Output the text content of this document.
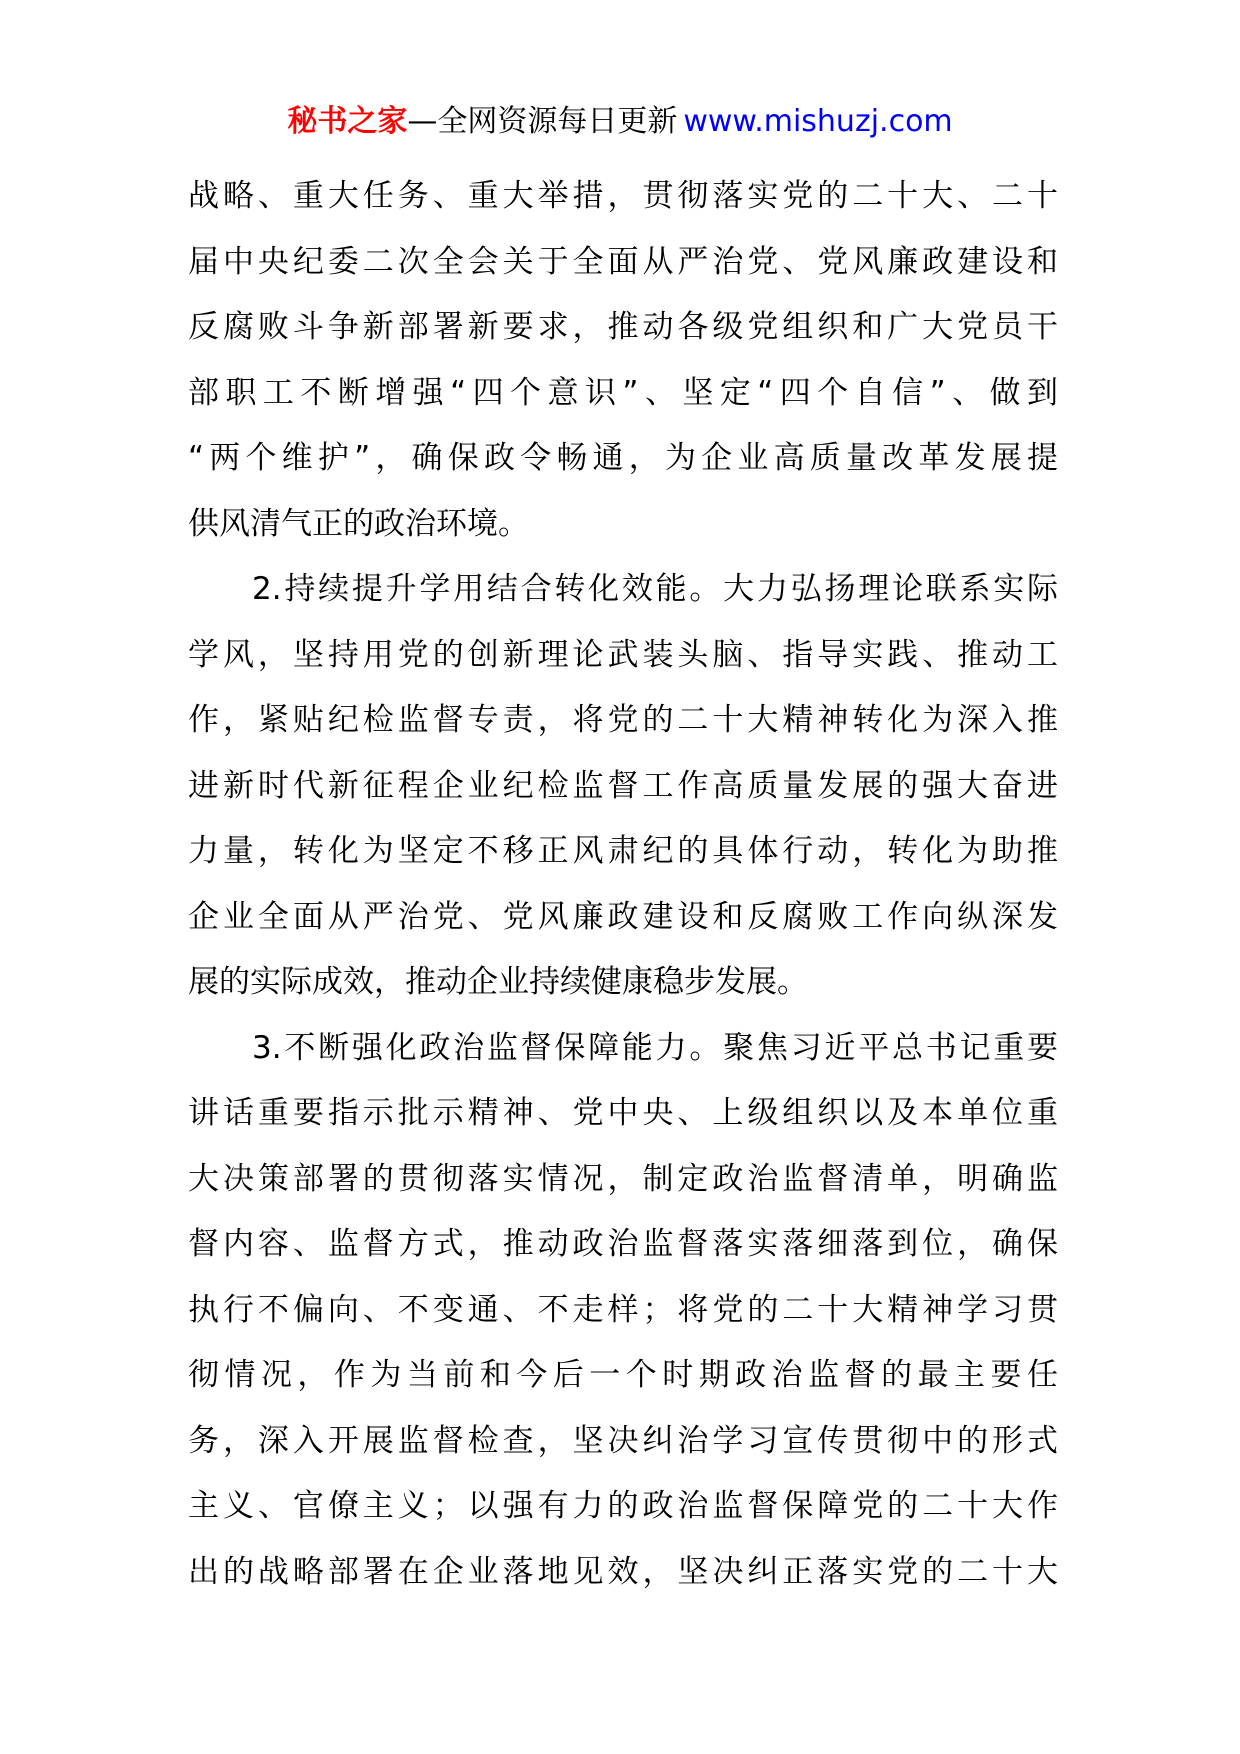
秘书之家—全网资源每日更新 www.mishuzj.com
战略、重大任务、重大举措，贯彻落实党的二十大、二十
届中央纪委二次全会关于全面从严治党、党风廉政建设和
反腐败斗争新部署新要求，推动各级党组织和广大党员干
部职工不断增强“四个意识”、坚定“四个自信”、做到
“两个维护”，确保政令畅通，为企业高质量改革发展提
供风清气正的政治环境。
2.持续提升学用结合转化效能。大力弘扬理论联系实际
学风，坚持用党的创新理论武装头脑、指导实践、推动工
作，紧贴纪检监督专责，将党的二十大精神转化为深入推
进新时代新征程企业纪检监督工作高质量发展的强大奋进
力量，转化为坚定不移正风肃纪的具体行动，转化为助推
企业全面从严治党、党风廉政建设和反腐败工作向纵深发
展的实际成效，推动企业持续健康稳步发展。
3.不断强化政治监督保障能力。聚焦习近平总书记重要
讲话重要指示批示精神、党中央、上级组织以及本单位重
大决策部署的贯彻落实情况，制定政治监督清单，明确监
督内容、监督方式，推动政治监督落实落细落到位，确保
执行不偏向、不变通、不走样；将党的二十大精神学习贯
彻情况，作为当前和今后一个时期政治监督的最主要任
务，深入开展监督检查，坚决纠治学习宣传贯彻中的形式
主义、官僚主义；以强有力的政治监督保障党的二十大作
出的战略部署在企业落地见效，坚决纠正落实党的二十大
